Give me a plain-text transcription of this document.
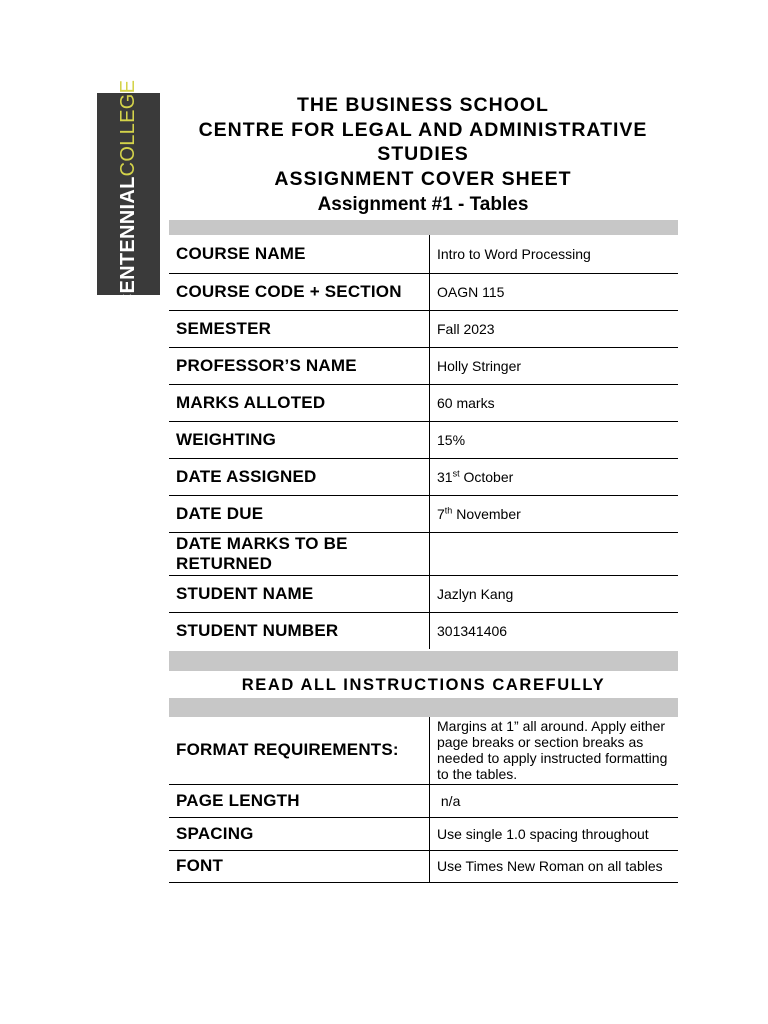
CENTENNIALCOLLEGE	THE BUSINESS SCHOOL
CENTRE FOR LEGAL AND ADMINISTRATIVE
STUDIES
ASSIGNMENT COVER SHEET
Assignment #1 - Tables
COURSE NAME	Intro to Word Processing
COURSE CODE + SECTION	OAGN 115
SEMESTER	Fall 2023
PROFESSOR’S NAME	Holly Stringer
MARKS ALLOTED	60 marks
WEIGHTING	15%
DATE ASSIGNED	31st October
DATE DUE	7th November
DATE MARKS TO BE RETURNED	
STUDENT NAME	Jazlyn Kang
STUDENT NUMBER	301341406
READ ALL INSTRUCTIONS CAREFULLY
FORMAT REQUIREMENTS:	Margins at 1” all around. Apply either page breaks or section breaks as needed to apply instructed formatting to the tables.
PAGE LENGTH	n/a
SPACING	Use single 1.0 spacing throughout
FONT	Use Times New Roman on all tables
